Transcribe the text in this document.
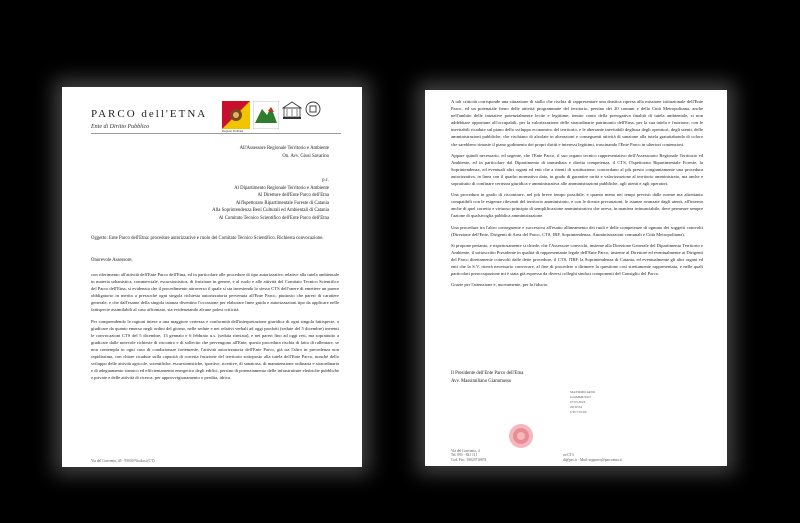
PARCO dell'ETNA
Ente di Diritto Pubblico
Regione Siciliana
All'Assessore Regionale Territorio e Ambiente
On. Avv. Giusi Savarino
p.c.
Al Dipartimento Regionale Territorio e Ambiente
Al Direttore dell'Ente Parco dell'Etna
All'Ispettorato Ripartimentale Foreste di Catania
Alla Soprintendenza Beni Culturali ed Ambientali di Catania
Al Comitato Tecnico Scientifico dell'Ente Parco dell'Etna
Oggetto: Ente Parco dell'Etna: procedure autorizzative e ruolo del Comitato Tecnico Scientifico. Richiesta convocazione.
Onorevole Assessore,

con riferimento all'attività dell'Ente Parco dell'Etna, ed in particolare alle procedure di tipo autorizzativo relative alla tutela ambientale in materia urbanistica, commerciale, escursionistica, di fruizione in genere, e al ruolo e alle attività del Comitato Tecnico Scientifico del Parco dell'Etna, si evidenzia che il procedimento attraverso il quale si sta investendo lo stesso CTS dell'onere di emettere un parere obbligatorio in merito a pressoché ogni singola richiesta autorizzatoria pervenuta all'Ente Parco, piuttosto che pareri di carattere generale, e che dall'esame della singola istanza diventino l'occasione per elaborare linee guida e autorizzazioni tipo da applicare nelle fattispecie assimilabili al caso affrontato, sta evidenziando alcune palesi criticità.

Per comprendendo le ragioni intese a una maggiore certezza e conformità dell'interpretazione giuridica di ogni singola fattispecie, a giudicare da quanto emerso negli ordini del giorno, nelle sedute e nei relativi verbali ad oggi prodotti (sedute del 5 dicembre) inerenti le convocazioni CTS del 5 dicembre, 13 gennaio e 6 febbraio u.s. (seduta rinviata), e nei pareri fino ad oggi resi, ma soprattutto a giudicare dalle notevole richieste di riscontro e di sollecito che pervengono all'Ente, questo procedura rischia di fatto di rallentare, se non contempla in ogni caso di condizionare fortemente, l'attività autorizzatoria dell'Ente Parco, già tra l'altro in precedenza non rapidissima, con chiare ricadute sulla capacità di corretta fruizione del territorio sottoposto alla tutela dell'Ente Parco, nonché dello sviluppo delle attività agricole, scientifiche, escursionistiche, sportive, ricettive, di sanatoria, di manutenzione ordinaria e straordinaria e di adeguamento sismico ed efficientamento energetico degli edifici, persino di potenziamento delle infrastrutture elettriche pubbliche e private e delle attività di ricerca, per approvvigionamento o perdita, idrica.

Via del Convento, 45 - 95030 Nicolosi (CT)

A tali criticità corrisponde una situazione di stallo che rischia di rappresentare una drastica ripresa alla missione istituzionale dell'Ente Parco, ed un potenziale freno delle attività programmate del territorio, persino dei 20 comuni e della Città Metropolitana, anche nell'ambito delle iniziative potenzialmente lecite e legittime; tenuto conto della prerogativa finalità di tutela ambientale, si non addebitare opportune all'occupabili, per la valorizzazione delle straordinarie patrimonio dell'Etna, per la sua tutela e fruizione, con le inevitabili ricadute sul piano dello sviluppo economico del territorio, e le aberrante inevitabili degliusa degli operatori, degli utenti, delle amministrazioni pubbliche, che rischiano di alzolate in alterazioni e conseguenti attività di sanzione alla tutela gratuitabonda di coloro che sarebbero rimaste il piano godimento dei propri diritti e interessi legittimi, trascinando l'Ente Parco in ulteriori contenziosi.

Appare quindi necessario, ed urgente, che l'Ente Parco, il suo organo tecnico rappresentativo dell'Assessorato Regionale Territorio ed Ambiente, ed in particolare dal Dipartimento di immediata e diretta competenza, il CTS, l'Ispettorato Ripartimentale Foreste, la Soprintendenza, ed eventuali altri organi ed enti che a ritenti di sostituzione, concordano al più presto congiuntamente una procedura autorizzativa, in linea con il quadro normativo dato, in grado di garantire rarità e valorizzazione al territorio amministrato, ma anche e soprattutto di confinare certezza giuridica e amministrativa alle amministrazioni pubbliche, agli utenti e agli operatori.

Una procedura in grado di riscontrare, nel più breve tempo possibile, e quanto meno nei tempi previsti dalle norme ma altrettanto compatibili con le esigenze rilevanti del territorio amministrato, e con le dovute precauzioni, le istanze avanzate dagli utenti, all'interno anche di quel corretto e virtuoso principio di semplificazione amministrativa che aveva, in maniera irrinunciabile, deve permeare sempre l'azione di qualsivoglia pubblica amministrazione.

Una procedura tra l'altro conseguente e successiva all'esatto allineamento dei ruoli e delle competenze di ognuno dei soggetti coinvolti (Direzione dell'Ente, Dirigenti di Area del Parco, CTS, IRF, Soprintendenza, Amministrazioni comunali e Città Metropolitana).

Si propone pertanto, e rispettosamente si chiede, che l'Assessore convochi, insieme alla Direzione Generale del Dipartimento Territorio e Ambiente, il sottoscritto Presidente in qualità di rappresentante legale dell'Ente Parco, insieme al Direttore ed eventualmente ai Dirigenti del Parco direttamente coinvolti dalle dette procedure, il CTS, l'IRF, la Soprintendenza di Catania, ed eventualmente gli altri organi ed enti che la S.V. riterrà necessario convocare, al fine di procedere a dirimere la questione così strettamente rappresentata, e nelle quali particolari preoccupazione mi è stata già espressa da diversi colleghi sindaci componenti del Consiglio del Parco.

Grazie per l'attenzione e, nuovamente, per la fiducia.

Il Presidente dell'Ente Parco dell'Etna
Avv. Massimiliano Giammusso
MASSIMILIANO
GIAMMUSSO
07.03.2024
09:30:34
UTC+01:00
Via del Convento, 4
Tel. 095 - 821 111
Cod. Fisc. 93023710874
ov.CT/t
di@pec.it · Mail: urpparco@parcoetna.it
